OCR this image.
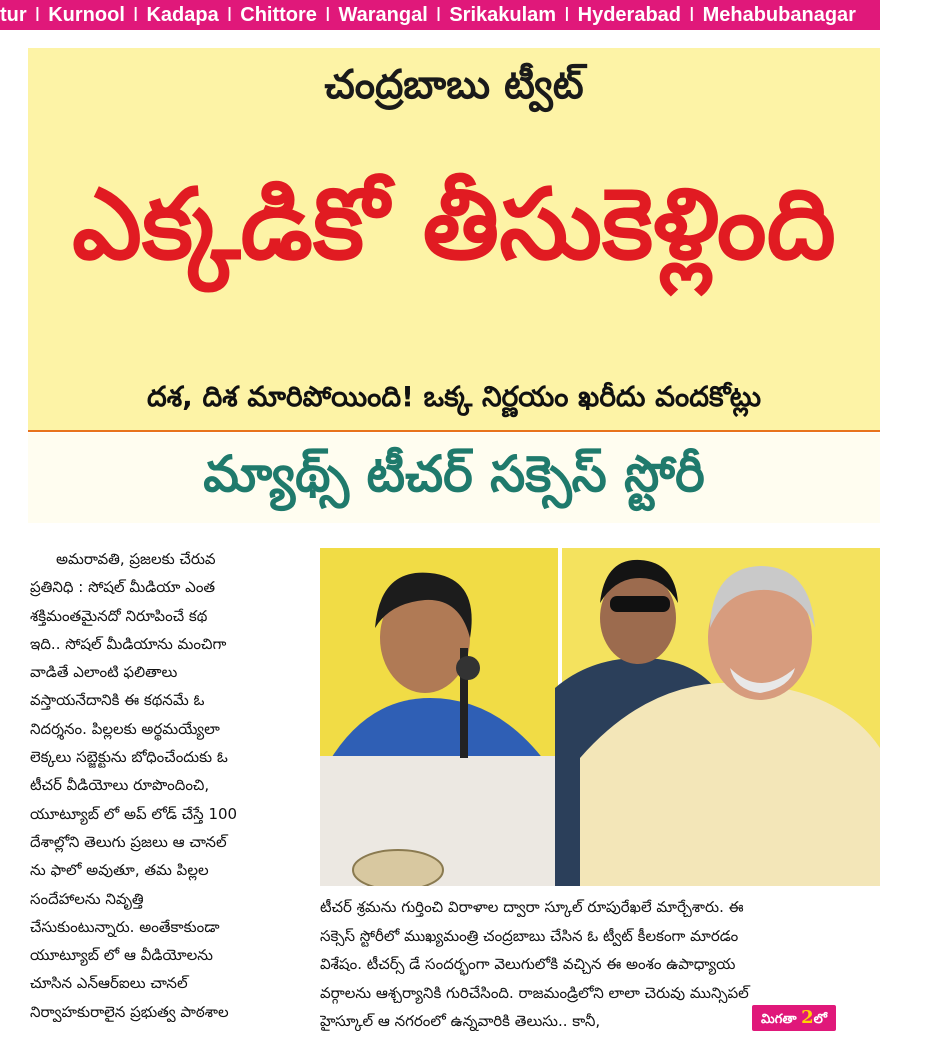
tur I Kurnool I Kadapa I Chittore I Warangal I Srikakulam I Hyderabad I Mehabubanagar
చంద్రబాబు ట్వీట్
ఎక్కడికో తీసుకెళ్లింది
దశ, దిశ మారిపోయింది! ఒక్క నిర్ణయం ఖరీదు వందకోట్లు
మ్యాథ్స్ టీచర్ సక్సెస్ స్టోరీ
అమరావతి, ప్రజలకు చేరువ
ప్రతినిధి : సోషల్ మీడియా ఎంత
శక్తిమంతమైనదో నిరూపించే కథ
ఇది.. సోషల్ మీడియాను మంచిగా
వాడితే ఎలాంటి ఫలితాలు
వస్తాయనేదానికి ఈ కథనమే ఓ
నిదర్శనం. పిల్లలకు అర్థమయ్యేలా
లెక్కలు సబ్జెక్టును బోధించేందుకు ఓ
టీచర్ వీడియోలు రూపొందించి,
యూట్యూబ్ లో అప్ లోడ్ చేస్తే 100
దేశాల్లోని తెలుగు ప్రజలు ఆ చానల్
ను ఫాలో అవుతూ, తమ పిల్లల
సందేహాలను నివృత్తి
చేసుకుంటున్నారు. అంతేకాకుండా
యూట్యూబ్ లో ఆ వీడియోలను
చూసిన ఎన్ఆర్ఐలు చానల్
నిర్వాహకురాలైన ప్రభుత్వ పాఠశాల
టీచర్ శ్రమను గుర్తించి విరాళాల ద్వారా స్కూల్ రూపురేఖలే మార్చేశారు. ఈ
సక్సెస్ స్టోరీలో ముఖ్యమంత్రి చంద్రబాబు చేసిన ఓ ట్వీట్ కీలకంగా మారడం
విశేషం. టీచర్స్ డే సందర్భంగా వెలుగులోకి వచ్చిన ఈ అంశం ఉపాధ్యాయ
వర్గాలను ఆశ్చర్యానికి గురిచేసింది. రాజమండ్రిలోని లాలా చెరువు మున్సిపల్
హైస్కూల్ ఆ నగరంలో ఉన్నవారికి తెలుసు.. కానీ,	మిగతా 2లో
